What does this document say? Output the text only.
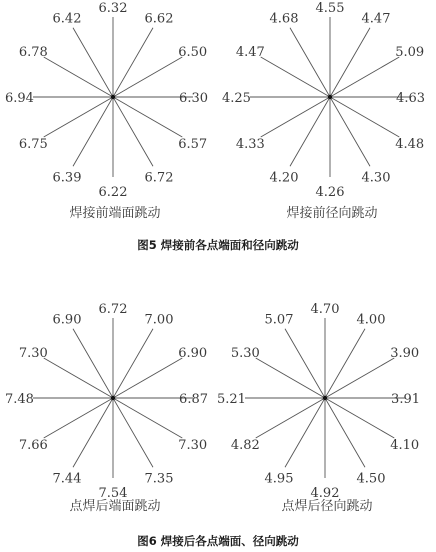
6.32
6.62
6.50
6.30
6.57
6.72
6.22
6.39
6.75
6.94
6.78
6.42
焊接前端面跳动
4.55
4.47
5.09
4.63
4.48
4.30
4.26
4.20
4.33
4.25
4.47
4.68
焊接前径向跳动
图5 焊接前各点端面和径向跳动
6.72
7.00
6.90
6.87
7.30
7.35
7.54
7.44
7.66
7.48
7.30
6.90
点焊后端面跳动
4.70
4.00
3.90
3.91
4.10
4.50
4.92
4.95
4.82
5.21
5.30
5.07
点焊后径向跳动
图6 焊接后各点端面、径向跳动
